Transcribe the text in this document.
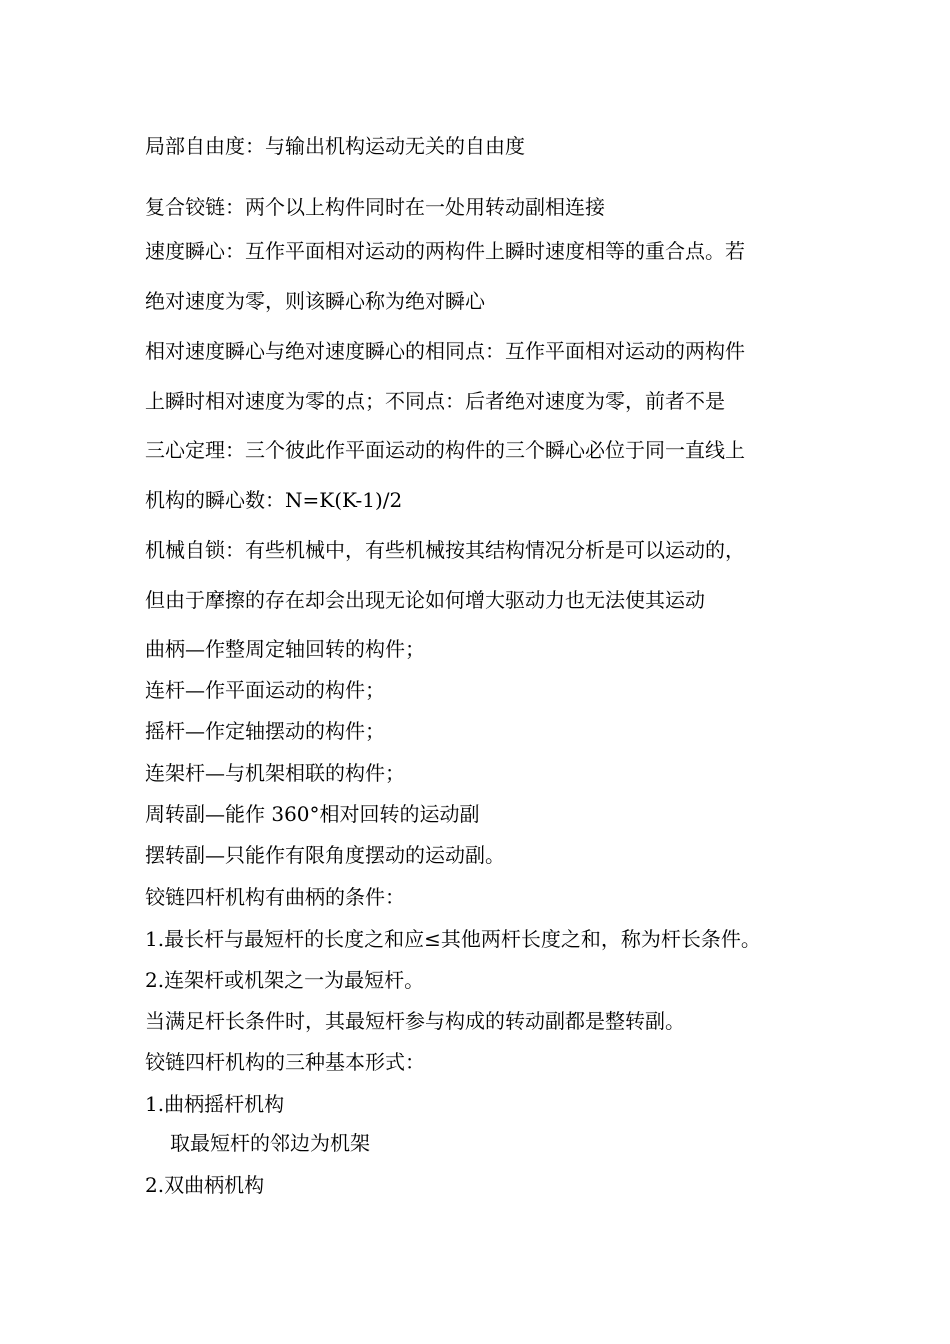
局部自由度：与输出机构运动无关的自由度
复合铰链：两个以上构件同时在一处用转动副相连接
速度瞬心：互作平面相对运动的两构件上瞬时速度相等的重合点。若
绝对速度为零，则该瞬心称为绝对瞬心
相对速度瞬心与绝对速度瞬心的相同点：互作平面相对运动的两构件
上瞬时相对速度为零的点；不同点：后者绝对速度为零，前者不是
三心定理：三个彼此作平面运动的构件的三个瞬心必位于同一直线上
机构的瞬心数：N=K(K-1)/2
机械自锁：有些机械中，有些机械按其结构情况分析是可以运动的，
但由于摩擦的存在却会出现无论如何增大驱动力也无法使其运动
曲柄—作整周定轴回转的构件；
连杆—作平面运动的构件；
摇杆—作定轴摆动的构件；
连架杆—与机架相联的构件；
周转副—能作 360°相对回转的运动副
摆转副—只能作有限角度摆动的运动副。
铰链四杆机构有曲柄的条件：
1.最长杆与最短杆的长度之和应≤其他两杆长度之和，称为杆长条件。
2.连架杆或机架之一为最短杆。
当满足杆长条件时，其最短杆参与构成的转动副都是整转副。
铰链四杆机构的三种基本形式：
1.曲柄摇杆机构
取最短杆的邻边为机架
2.双曲柄机构
